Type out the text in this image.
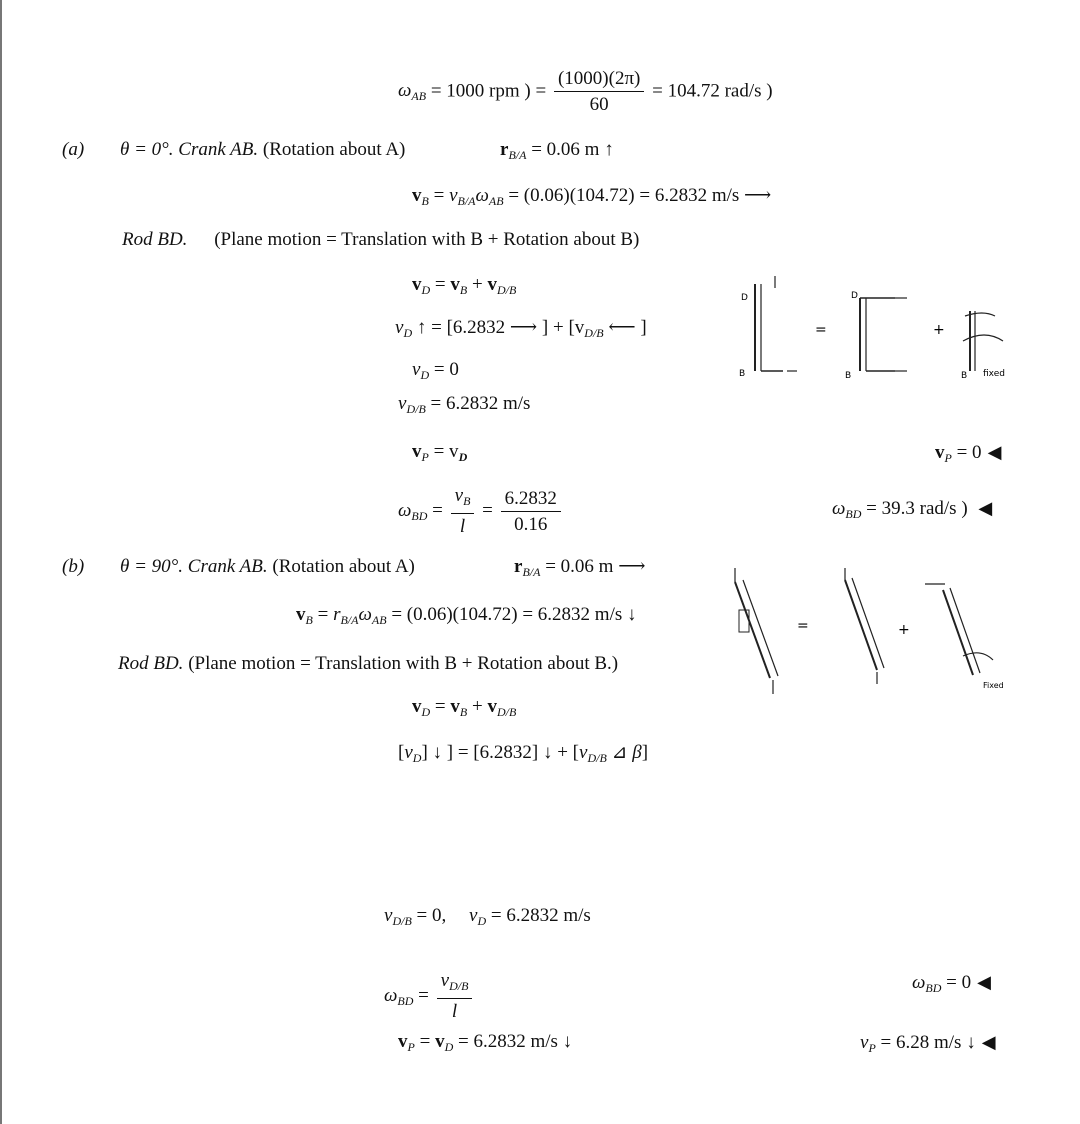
$\omega_{AB} = 1000$ rpm ) = $\frac{(1000)(2\pi)}{60} = 104.72$ rad/s )
(a) θ = 0°. Crank AB. (Rotation about A)	$r_{B/A} = 0.06$ m ↑
$v_B = v_{B/A}\omega_{AB} = (0.06)(104.72) = 6.2832$ m/s ⟶
Rod BD. (Plane motion = Translation with B + Rotation about B)
$v_D = v_B + v_{D/B}$
$v_D$ ↑ = [6.2832 ⟶ ] + [$v_{D/B}$ ⟵ ]
$v_D = 0$
$v_{D/B} = 6.2832$ m/s
$v_P = v_D$	$v_P = 0$ ◀
$\omega_{BD} = \frac{v_B}{l} = \frac{6.2832}{0.16}$	$\omega_{BD} = 39.3$ rad/s ) ◀
(b) θ = 90°. Crank AB. (Rotation about A)	$r_{B/A} = 0.06$ m ⟶
$v_B = r_{B/A}\omega_{AB} = (0.06)(104.72) = 6.2832$ m/s ↓
Rod BD. (Plane motion = Translation with B + Rotation about B.)
$v_D = v_B + v_{D/B}$
$[v_D]$ ↓ ] = [6.2832] ↓ + [$v_{D/B}$ ⊿ β]
$v_{D/B} = 0$, $v_D = 6.2832$ m/s
$\omega_{BD} = \frac{v_{D/B}}{l}$	$\omega_{BD} = 0$ ◀
$v_P = v_D = 6.2832$ m/s ↓	$v_P = 6.28$ m/s ↓ ◀
D
B
=
D
B
+
B fixed
=	+
Fixed
